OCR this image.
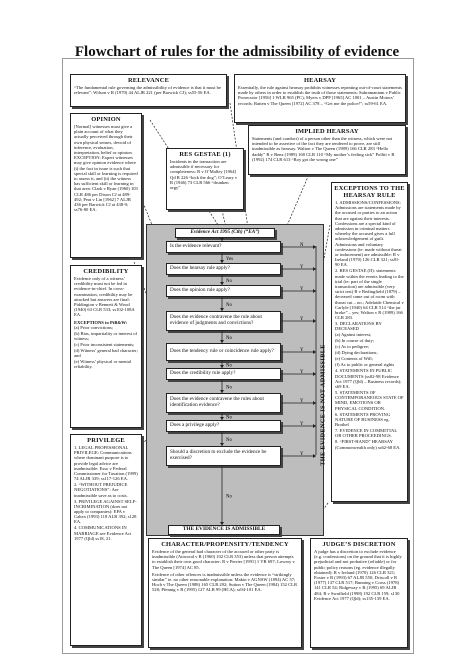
Flowchart of rules for the admissibility of evidence
RELEVANCE
“The fundamental rule governing the admissibility of evidence is that it must be relevant”: Wilson v R (1970) 44 ALJR 221 (per Barwick CJ); ss55-56 EA.
HEARSAY
Essentially, the rule against hearsay prohibits witnesses repeating out-of-court statements made by others in order to establish the truth of those statements: Subramaniam v Public Prosecutor [1956] 1 WLR 965 (PC); Myers v DPP [1965] AC 1001 – Austin Motors’ records; Ratten v The Queen [1972] AC 378 – “Get me the police!”; ss59-61 EA.
OPINION
[Normal] witnesses must give a plain account of what they actually perceived through their own physical senses, devoid of inference, evaluation, interpretation, belief or opinion. EXCEPTION: Expert witnesses may give opinion evidence where (i) the fact in issue is such that special skill or learning is required to assess it, and (ii) the witness has sufficient skill or learning in that area: Clark v Ryan (1960) 103 CLR 486 per Dixon CJ at 489-492; Peat v Lin [1962] 7 ALJR 436 per Barwick CJ at 438-9; ss76-80 EA.
RES GESTAE (1)
Incidents in the transaction are admissible if necessary for completeness: R v O’Malley [1964] Qd R 226 “kick the dog”; O’Leary v R (1946) 73 CLR 566 “drunken orgy”
IMPLIED HEARSAY
Statements (and conduct) of a person other than the witness, which were not intended to be assertive of the fact they are tendered to prove, are still inadmissible as hearsay. Walton v The Queen (1989) 166 CLR 283 “Hello daddy” R v Benz (1989) 168 CLR 110 “My mother’s feeling sick” Pollitt v R (1992) 174 CLR 613 “Roy got the wrong one”
EXCEPTIONS TO THE HEARSAY RULE
1. ADMISSIONS/CONFESSIONS: Admissions are statements made by the accused or parties to an action that are against their interests. Confessions are a special kind of admission in criminal matters whereby the accused gives a full acknowledgement of guilt. Admissions and voluntary confessions (ie: made without threat or inducement) are admissible: R v Ireland (1970) 126 CLR 321; ss81-90 EA.
2. RES GESTAE (II): statements made within the events leading to the trial (ie: part of the single transaction) are admissible (very strict test) R v Bedingfield (1879) – deceased came out of room with throat cut – no.; Adelaide Chemical v Carlyle (1940) 64 CLR 514 “the jar broke” – yes; Walton v R (1989) 166 CLR 283.
3. DECLARATIONS BY DECEASED
(a) Against interest;
(b) In course of duty;
(c) As to pedigree;
(d) Dying declarations;
(e) Contents of Will;
(f) As to public or general rights
4. STATEMENTS IN PUBLIC DOCUMENTS (ss82-98 Evidence Act 1977 (Qld) – Business records); s69 EA.
5. STATEMENTS OF CONTEMPORANEOUS STATE OF MIND, EMOTIONS OR PHYSICAL CONDITION.
6. STATEMENTS PROVING NATURE OF BUSINESS eg. Brothel
7. EVIDENCE IN COMMITTAL OR OTHER PROCEEDINGS.
8. “FIRST-HAND” HEARSAY (Commonwealth only) ss62-68 EA.
CREDIBILITY
Evidence only of a witness’ credibility must not be led in evidence-in-chief. In cross-examination, credibility may be attacked but answers are final: Piddington v Bennett & Wood (1940) 63 CLR 533; ss102-108A EA.
EXCEPTIONS to PtB&W:
(a) Prior convictions;
(b) Bias, impartiality or interest of witness;
(c) Prior inconsistent statements;
(d) Witness’ general bad character; and
(e) Witness’ physical or mental reliability.
PRIVILEGE
1. LEGAL PROFESSIONAL PRIVILEGE: Communications where dominant purpose is to provide legal advice are inadmissible: Esso v Federal Commissioner for Taxation (1999) 74 ALJR 339; ss117-126 EA.
2. “WITHOUT PREJUDICE NEGOTIATIONS”: Are inadmissible save as to costs.
3. PRIVILEGE AGAINST SELF-INCRIMINATION (does not apply to companies): EPA v Caltex (1993) 118 ALR 392; s128 EA.
4. COMMUNICATIONS IN MARRIAGE see Evidence Act 1977 (Qld) ss18, 21.
CHARACTER/PROPENSITY/TENDENCY
Evidence of the general bad character of the accused or other party is inadmissible (Attwood v R (1960) 102 CLR 353) unless that person attempts to establish their own good character: R v Perrier [1991] 1 VR 697; Lowery v The Queen [1974] AC 85.
Evidence of other offences is inadmissible unless the evidence is “strikingly similar” ie. no other reasonable explanation: Makin v AGNSW (1894) AC 57; Hoch v The Queen (1988) 165 CLR 292; Sutton v The Queen (1984) 152 CLR 528; Pfennig v R (1995) 127 ALR 99 (HCA); ss94-101 EA.
JUDGE’S DISCRETION
A judge has a discretion to exclude evidence (e.g. confessions) on the ground that it is highly prejudicial and not probative (reliable) or for public policy reasons (eg. evidence illegally obtained): R v Ireland (1970) 126 CLR 321; Foster v R (1993) 67 ALJR 550; Driscoll v R (1977) 137 CLR 517; Bunning v Cross (1978) 141 CLR 54; Ridgeway v R (1995) 69 ALJR 484; R v Swaffield (1998) 192 CLR 159; s130 Evidence Act 1977 (Qld); ss135-139 EA.
Evidence Act 1995 (Cth) (“EA”)
Is the evidence relevant?
Does the hearsay rule apply?
Does the opinion rule apply?
Does the evidence contravene the rule about evidence of judgments and convictions?
Does the tendency rule or coincidence rule apply?
Does the credibility rule apply?
Does the evidence contravene the rules about identification evidence?
Does a privilege apply?
Should a discretion to exclude the evidence be exercised?
THE EVIDENCE IS ADMISSIBLE
THE EVIDENCE IS NOT ADMISSIBLE
Yes
N
No
Y
No
Y
No
Y
No
Y
No
Y
No
Y
No
Y
No
Y
